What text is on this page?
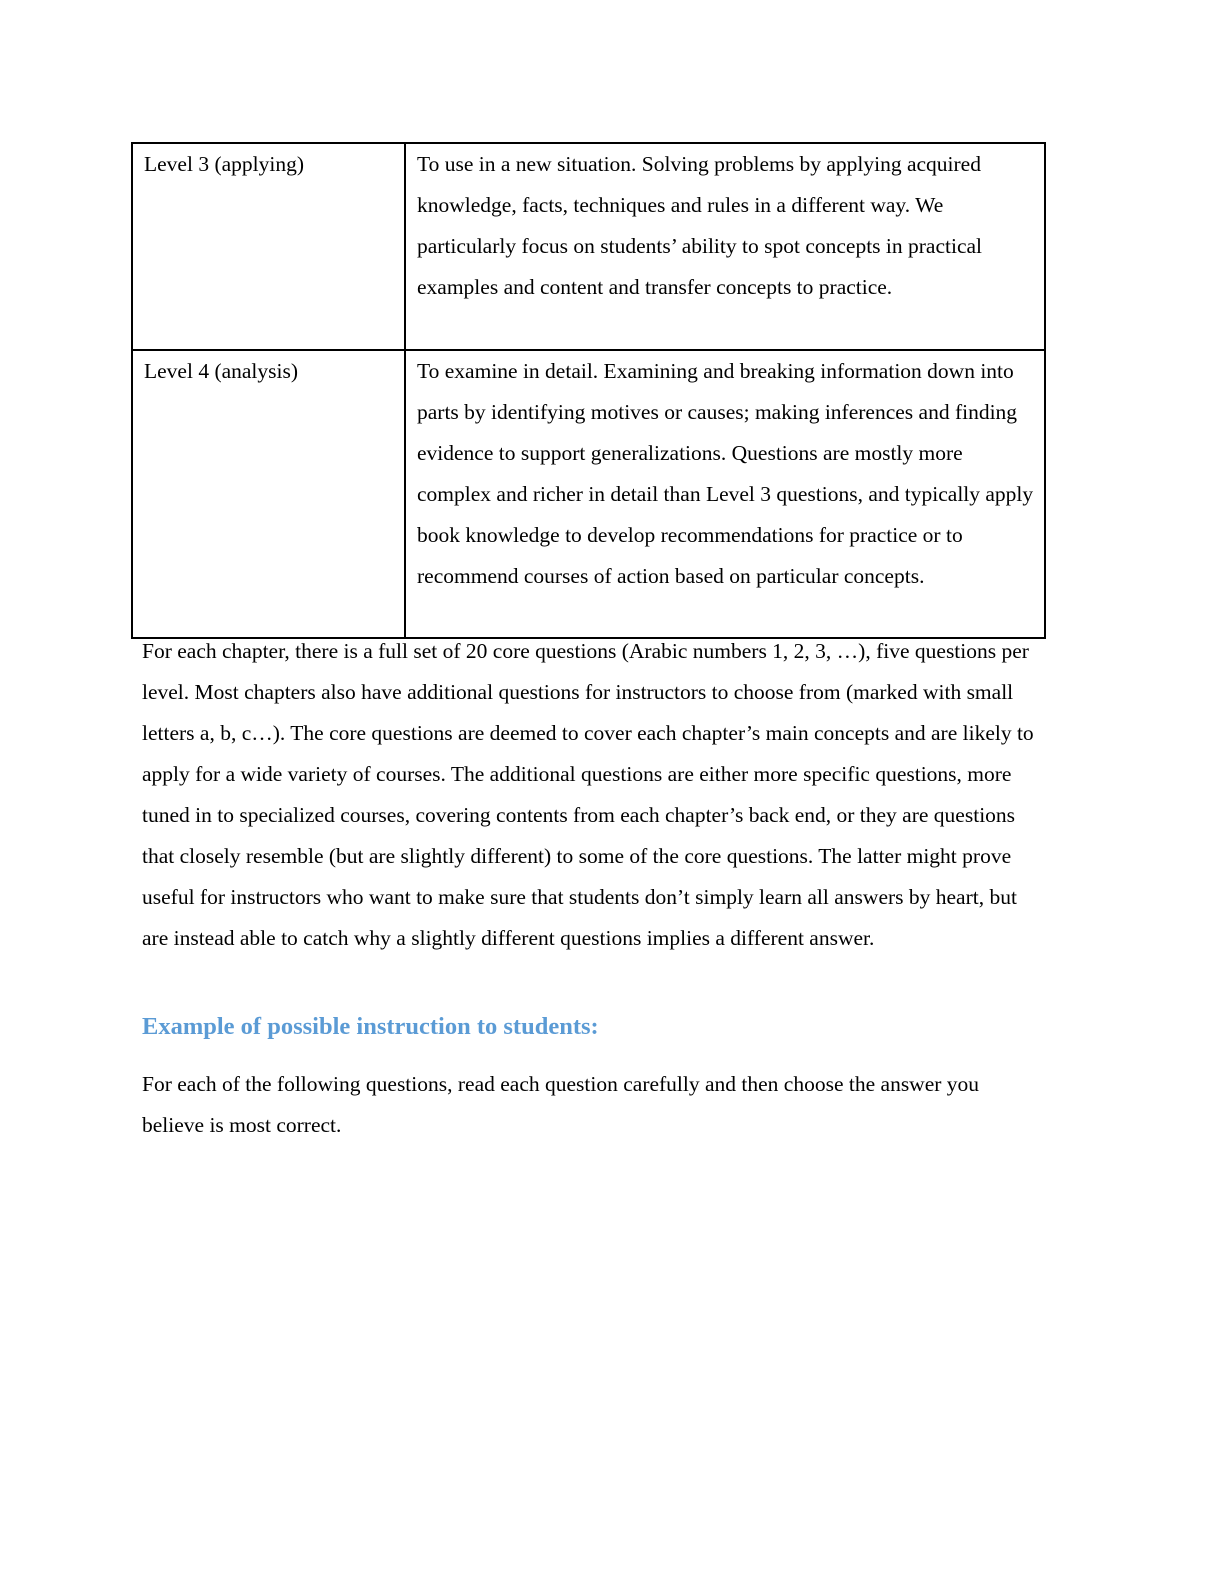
Level 3 (applying)	To use in a new situation. Solving problems by applying acquired knowledge, facts, techniques and rules in a different way. We particularly focus on students’ ability to spot concepts in practical examples and content and transfer concepts to practice.
Level 4 (analysis)	To examine in detail. Examining and breaking information down into parts by identifying motives or causes; making inferences and finding evidence to support generalizations. Questions are mostly more complex and richer in detail than Level 3 questions, and typically apply book knowledge to develop recommendations for practice or to recommend courses of action based on particular concepts.

For each chapter, there is a full set of 20 core questions (Arabic numbers 1, 2, 3, …), five questions per level. Most chapters also have additional questions for instructors to choose from (marked with small letters a, b, c…). The core questions are deemed to cover each chapter’s main concepts and are likely to apply for a wide variety of courses. The additional questions are either more specific questions, more tuned in to specialized courses, covering contents from each chapter’s back end, or they are questions that closely resemble (but are slightly different) to some of the core questions. The latter might prove useful for instructors who want to make sure that students don’t simply learn all answers by heart, but are instead able to catch why a slightly different questions implies a different answer.

Example of possible instruction to students:

For each of the following questions, read each question carefully and then choose the answer you believe is most correct.
